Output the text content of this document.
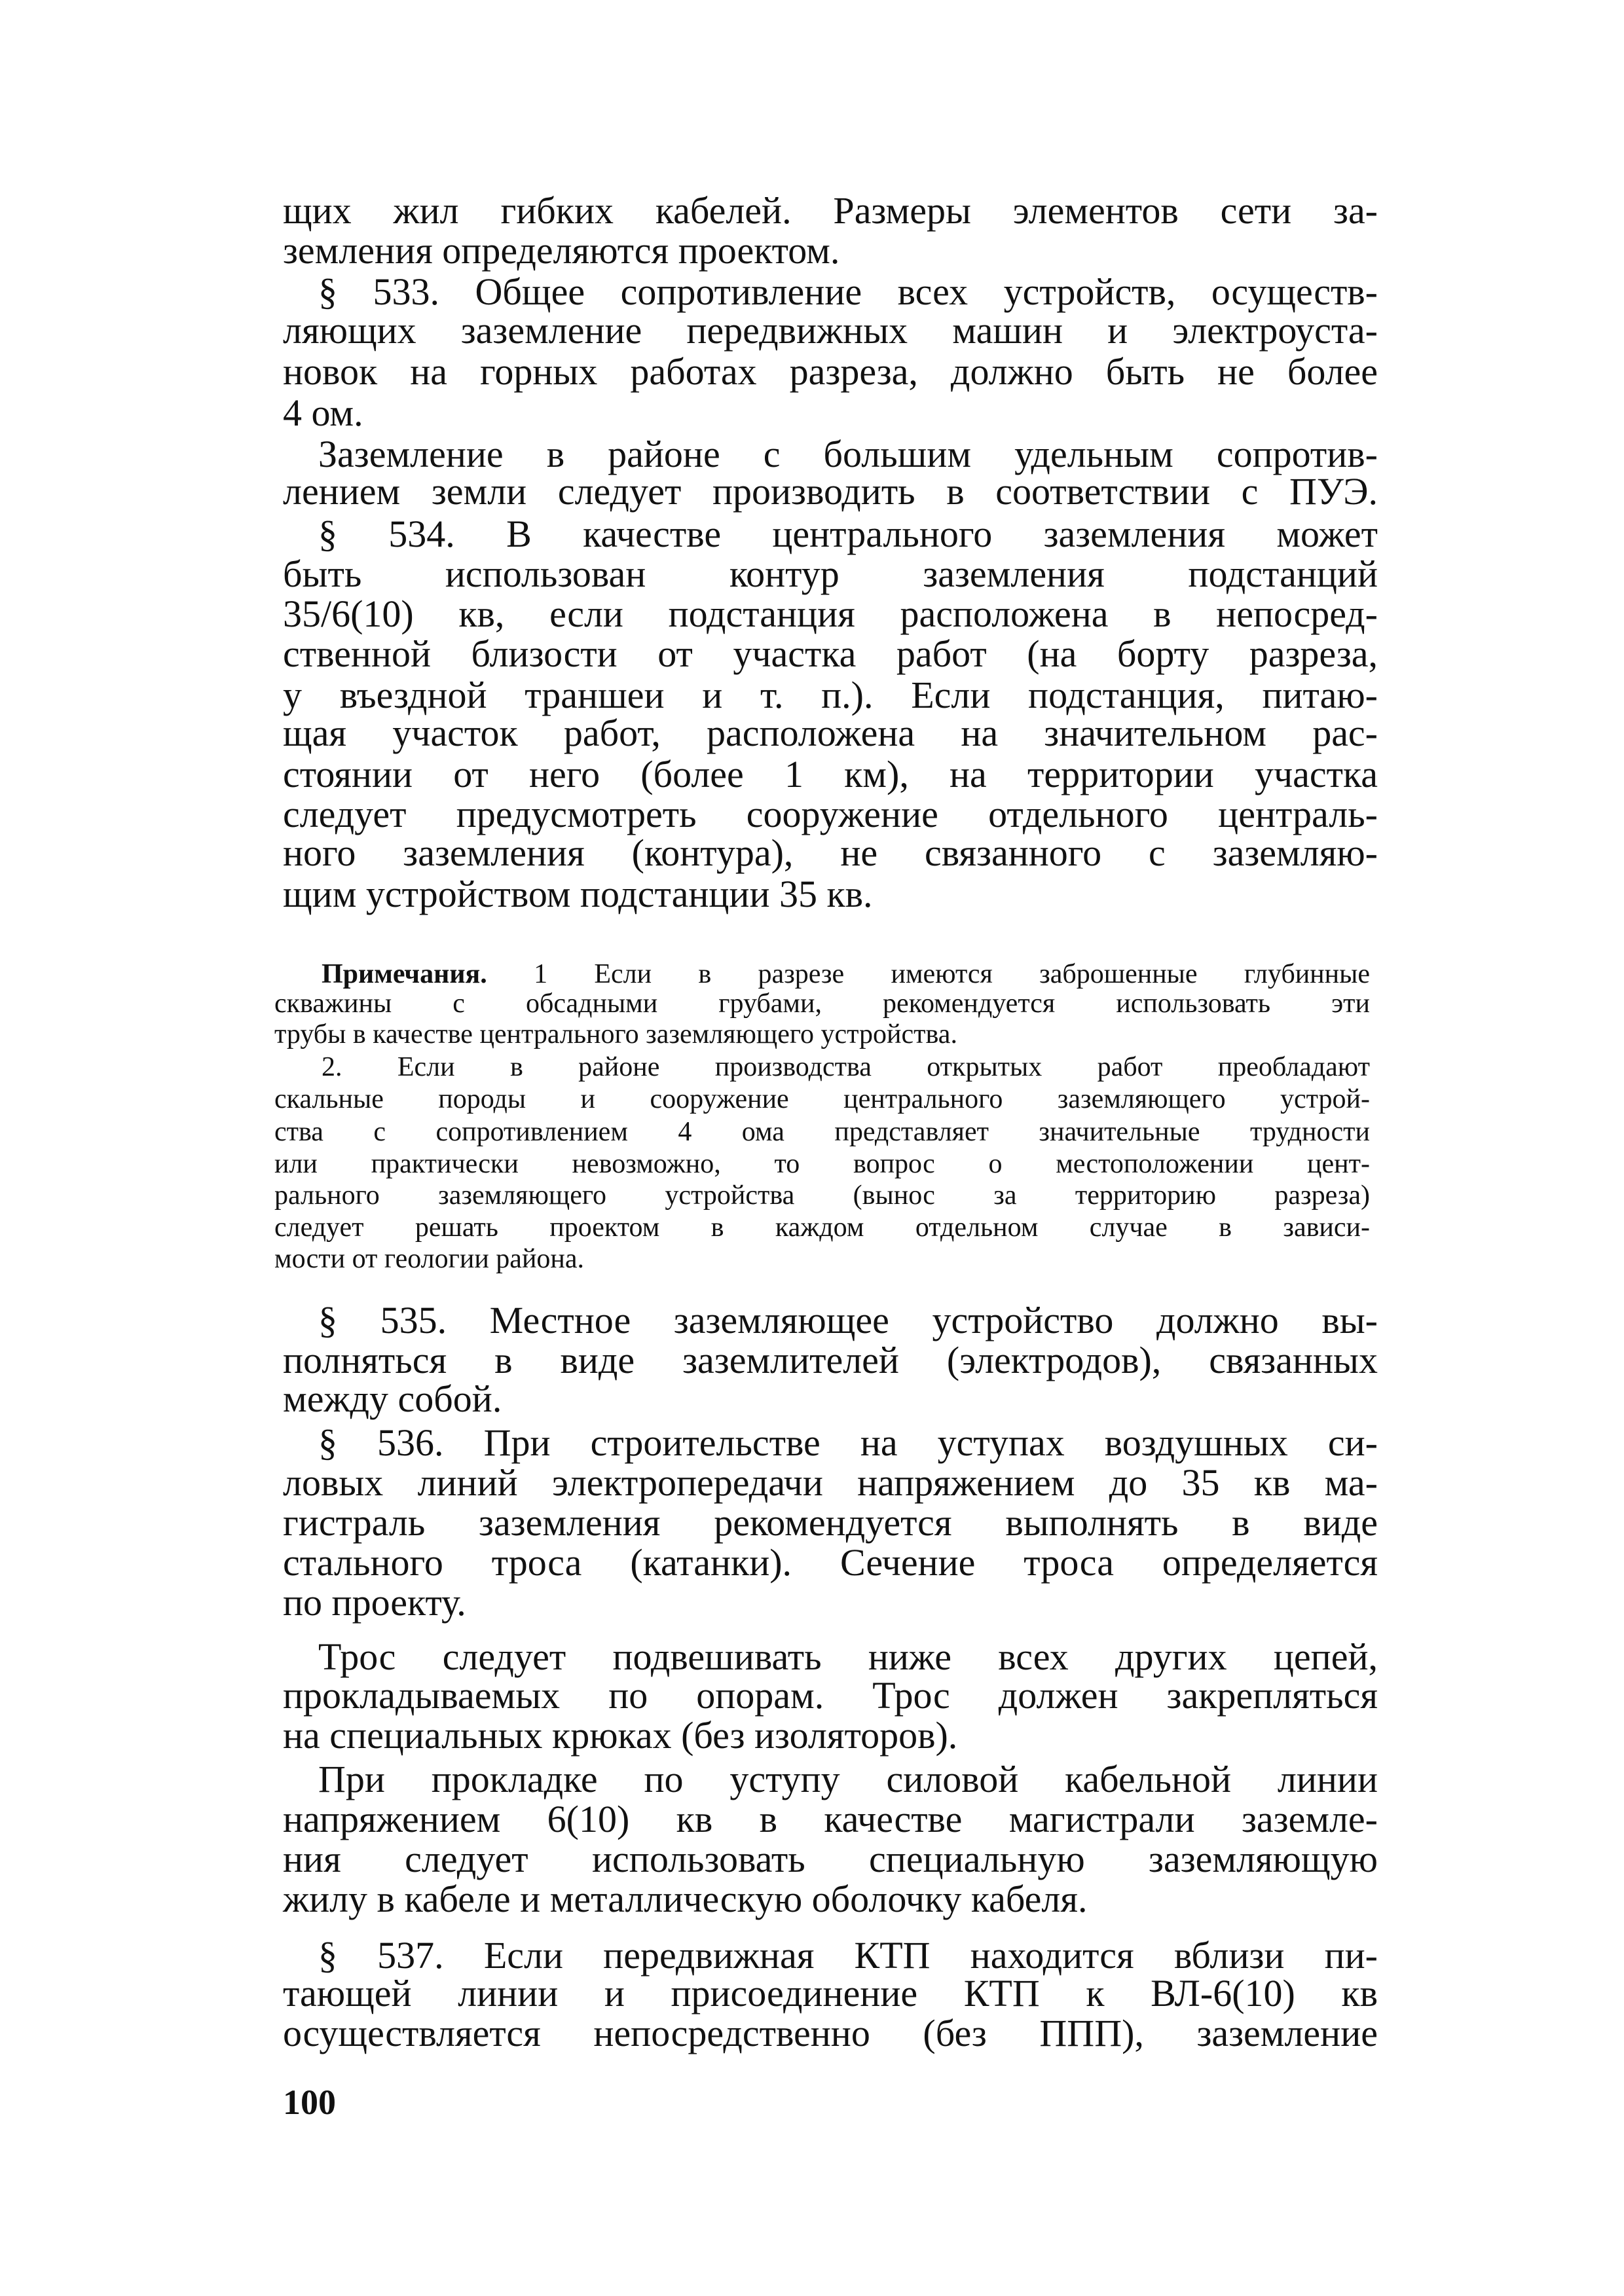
щих жил гибких кабелей. Размеры элементов сети за-
земления определяются проектом.
§ 533. Общее сопротивление всех устройств, осуществ-
ляющих заземление передвижных машин и электроуста-
новок на горных работах разреза, должно быть не более
4 ом.
Заземление в районе с большим удельным сопротив-
лением земли следует производить в соответствии с ПУЭ.
§ 534. В качестве центрального заземления может
быть использован контур заземления подстанций
35/6(10) кв, если подстанция расположена в непосред-
ственной близости от участка работ (на борту разреза,
у въездной траншеи и т. п.). Если подстанция, питаю-
щая участок работ, расположена на значительном рас-
стоянии от него (более 1 км), на территории участка
следует предусмотреть сооружение отдельного централь-
ного заземления (контура), не связанного с заземляю-
щим устройством подстанции 35 кв.
Примечания. 1 Если в разрезе имеются заброшенные глубинные
скважины с обсадными грубами, рекомендуется использовать эти
трубы в качестве центрального заземляющего устройства.
2. Если в районе производства открытых работ преобладают
скальные породы и сооружение центрального заземляющего устрой-
ства с сопротивлением 4 ома представляет значительные трудности
или практически невозможно, то вопрос о местоположении цент-
рального заземляющего устройства (вынос за территорию разреза)
следует решать проектом в каждом отдельном случае в зависи-
мости от геологии района.
§ 535. Местное заземляющее устройство должно вы-
полняться в виде заземлителей (электродов), связанных
между собой.
§ 536. При строительстве на уступах воздушных си-
ловых линий электропередачи напряжением до 35 кв ма-
гистраль заземления рекомендуется выполнять в виде
стального троса (катанки). Сечение троса определяется
по проекту.
Трос следует подвешивать ниже всех других цепей,
прокладываемых по опорам. Трос должен закрепляться
на специальных крюках (без изоляторов).
При прокладке по уступу силовой кабельной линии
напряжением 6(10) кв в качестве магистрали заземле-
ния следует использовать специальную заземляющую
жилу в кабеле и металлическую оболочку кабеля.
§ 537. Если передвижная КТП находится вблизи пи-
тающей линии и присоединение КТП к ВЛ-6(10) кв
осуществляется непосредственно (без ППП), заземление
100
